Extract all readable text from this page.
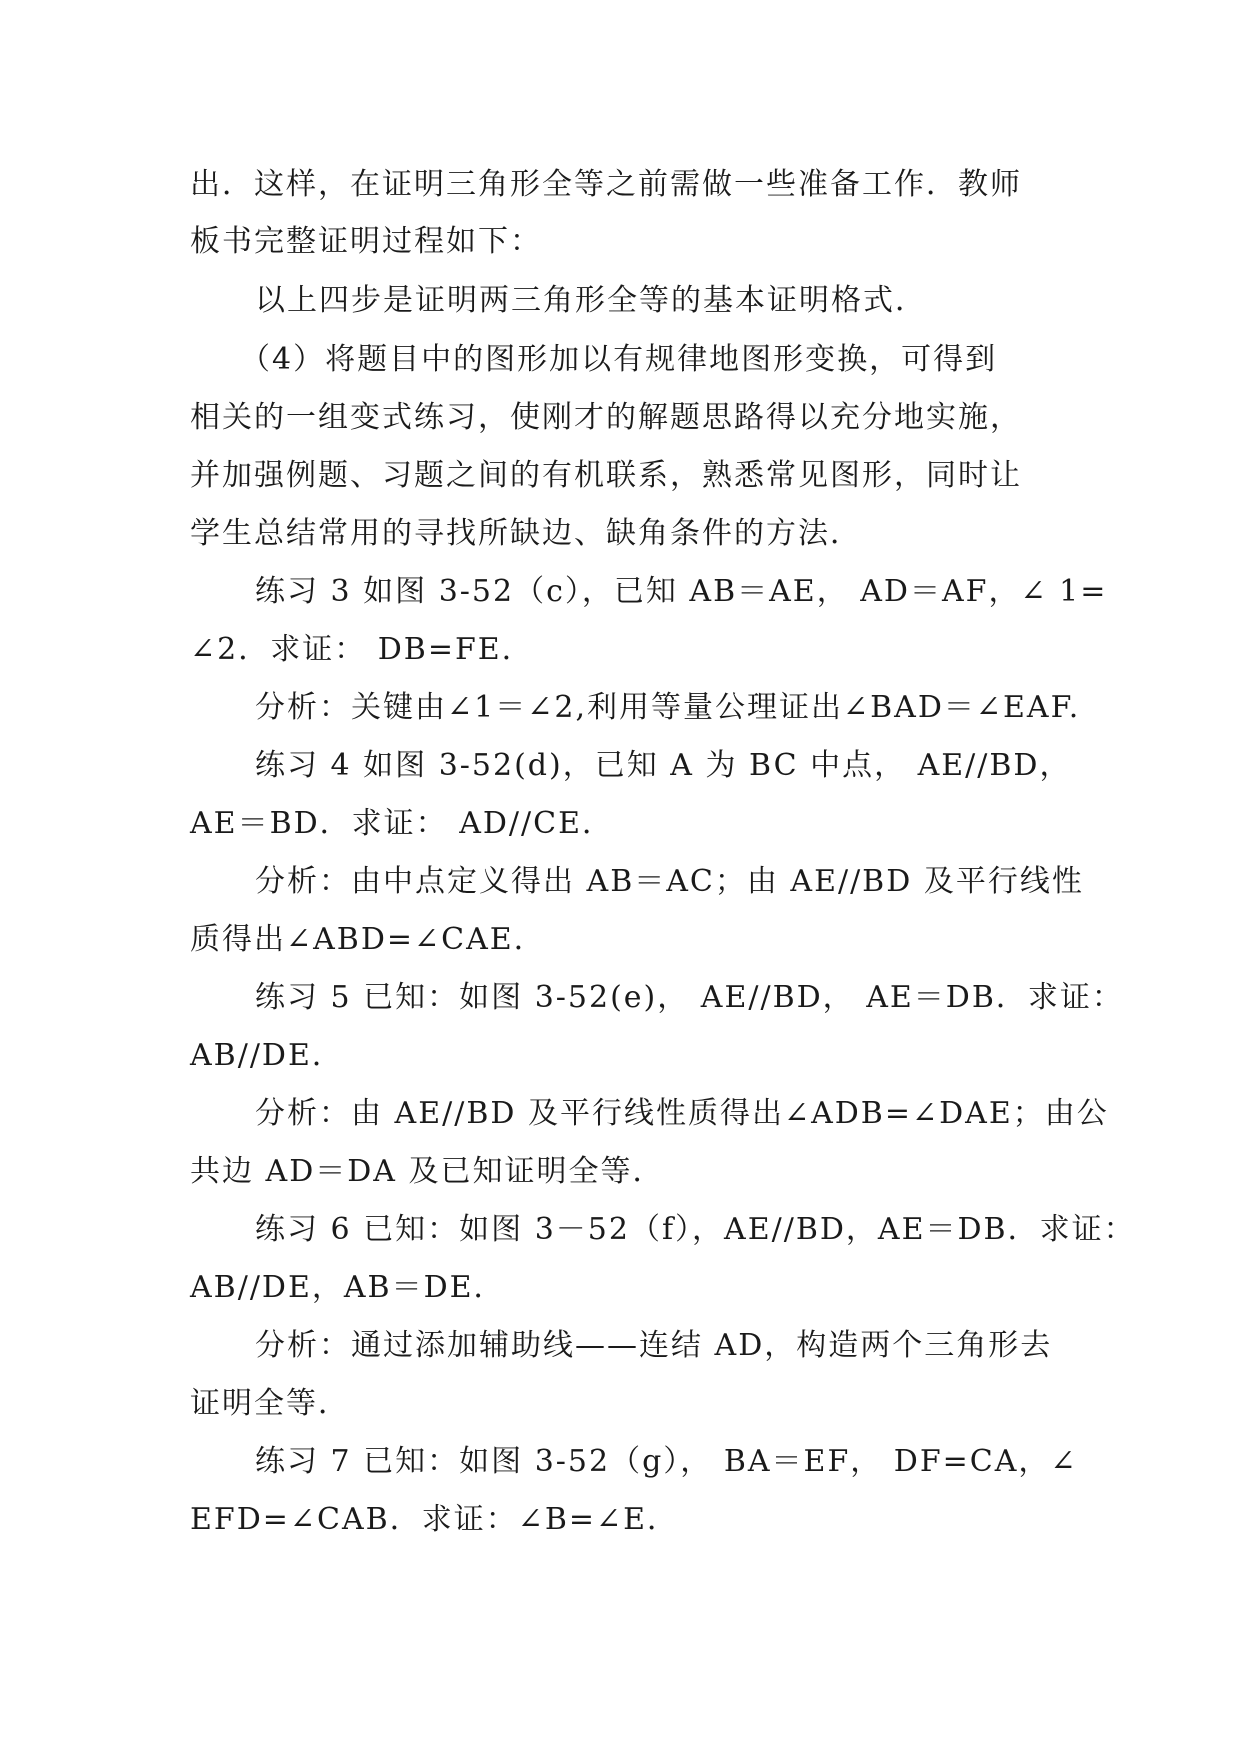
出．这样，在证明三角形全等之前需做一些准备工作．教师
板书完整证明过程如下：
以上四步是证明两三角形全等的基本证明格式．
（4）将题目中的图形加以有规律地图形变换，可得到
相关的一组变式练习，使刚才的解题思路得以充分地实施，
并加强例题、习题之间的有机联系，熟悉常见图形，同时让
学生总结常用的寻找所缺边、缺角条件的方法．
练习 3 如图 3-52（c），已知 AB＝AE， AD＝AF，∠ 1=
∠2．求证： DB=FE．
分析：关键由∠1＝∠2,利用等量公理证出∠BAD＝∠EAF.
练习 4 如图 3-52(d)，已知 A 为 BC 中点， AE//BD，
AE＝BD．求证： AD//CE．
分析：由中点定义得出 AB＝AC；由 AE//BD 及平行线性
质得出∠ABD=∠CAE．
练习 5 已知：如图 3-52(e)， AE//BD， AE＝DB．求证：
AB//DE．
分析：由 AE//BD 及平行线性质得出∠ADB=∠DAE；由公
共边 AD＝DA 及已知证明全等．
练习 6 已知：如图 3－52（f），AE//BD，AE＝DB．求证：
AB//DE，AB＝DE．
分析：通过添加辅助线——连结 AD，构造两个三角形去
证明全等．
练习 7 已知：如图 3-52（g）， BA＝EF， DF=CA，∠
EFD=∠CAB．求证：∠B=∠E．
